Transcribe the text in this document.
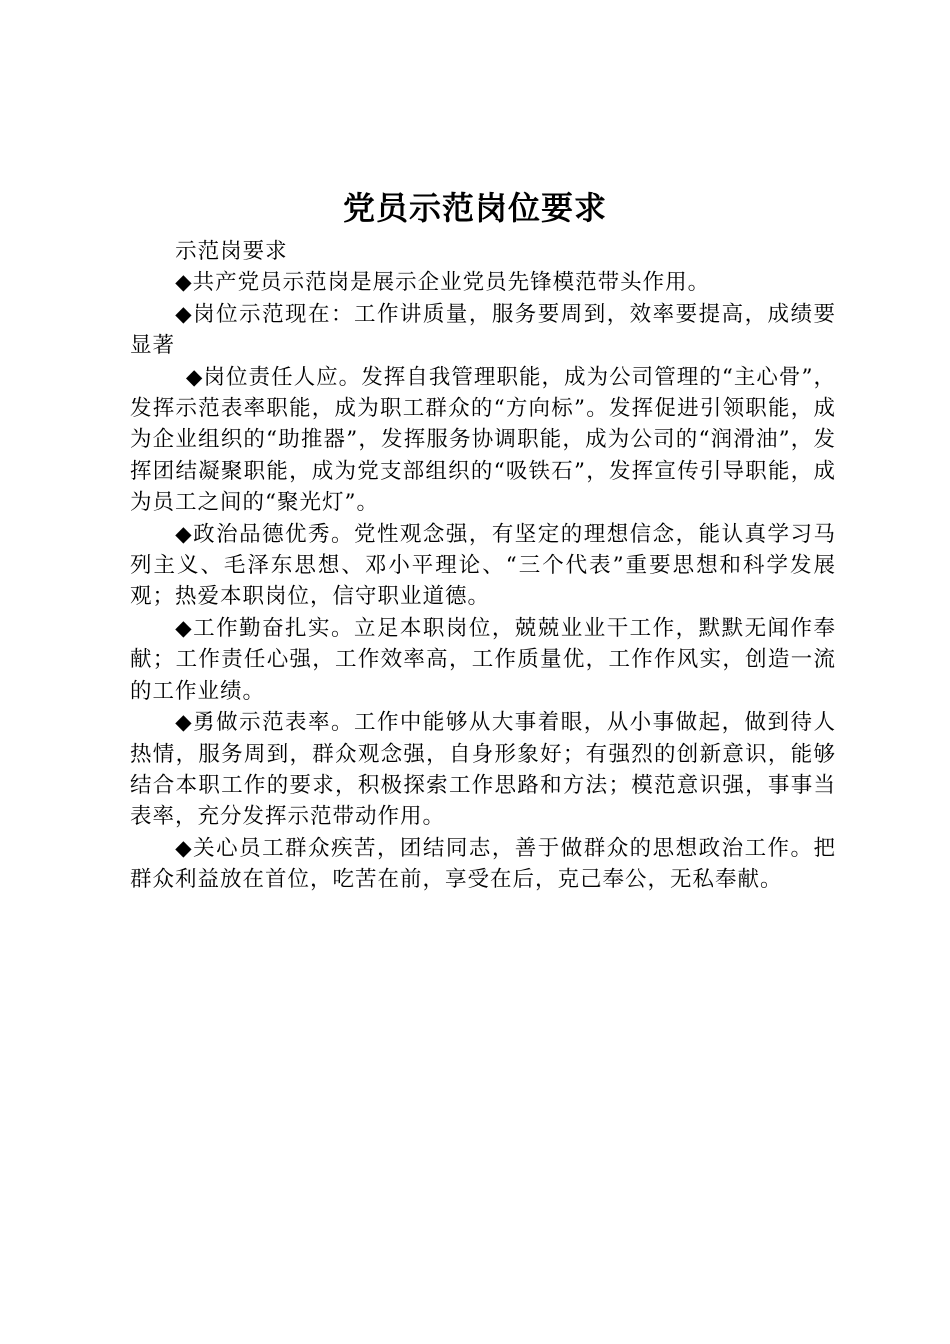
党员示范岗位要求

示范岗要求

◆共产党员示范岗是展示企业党员先锋模范带头作用。

◆岗位示范现在：工作讲质量，服务要周到，效率要提高，成绩要显著

◆岗位责任人应。发挥自我管理职能，成为公司管理的“主心骨”，发挥示范表率职能，成为职工群众的“方向标”。发挥促进引领职能，成为企业组织的“助推器”，发挥服务协调职能，成为公司的“润滑油”，发挥团结凝聚职能，成为党支部组织的“吸铁石”，发挥宣传引导职能，成为员工之间的“聚光灯”。

◆政治品德优秀。党性观念强，有坚定的理想信念，能认真学习马列主义、毛泽东思想、邓小平理论、“三个代表”重要思想和科学发展观；热爱本职岗位，信守职业道德。

◆工作勤奋扎实。立足本职岗位，兢兢业业干工作，默默无闻作奉献；工作责任心强，工作效率高，工作质量优，工作作风实，创造一流的工作业绩。

◆勇做示范表率。工作中能够从大事着眼，从小事做起，做到待人热情，服务周到，群众观念强，自身形象好；有强烈的创新意识，能够结合本职工作的要求，积极探索工作思路和方法；模范意识强，事事当表率，充分发挥示范带动作用。

◆关心员工群众疾苦，团结同志，善于做群众的思想政治工作。把群众利益放在首位，吃苦在前，享受在后，克己奉公，无私奉献。
